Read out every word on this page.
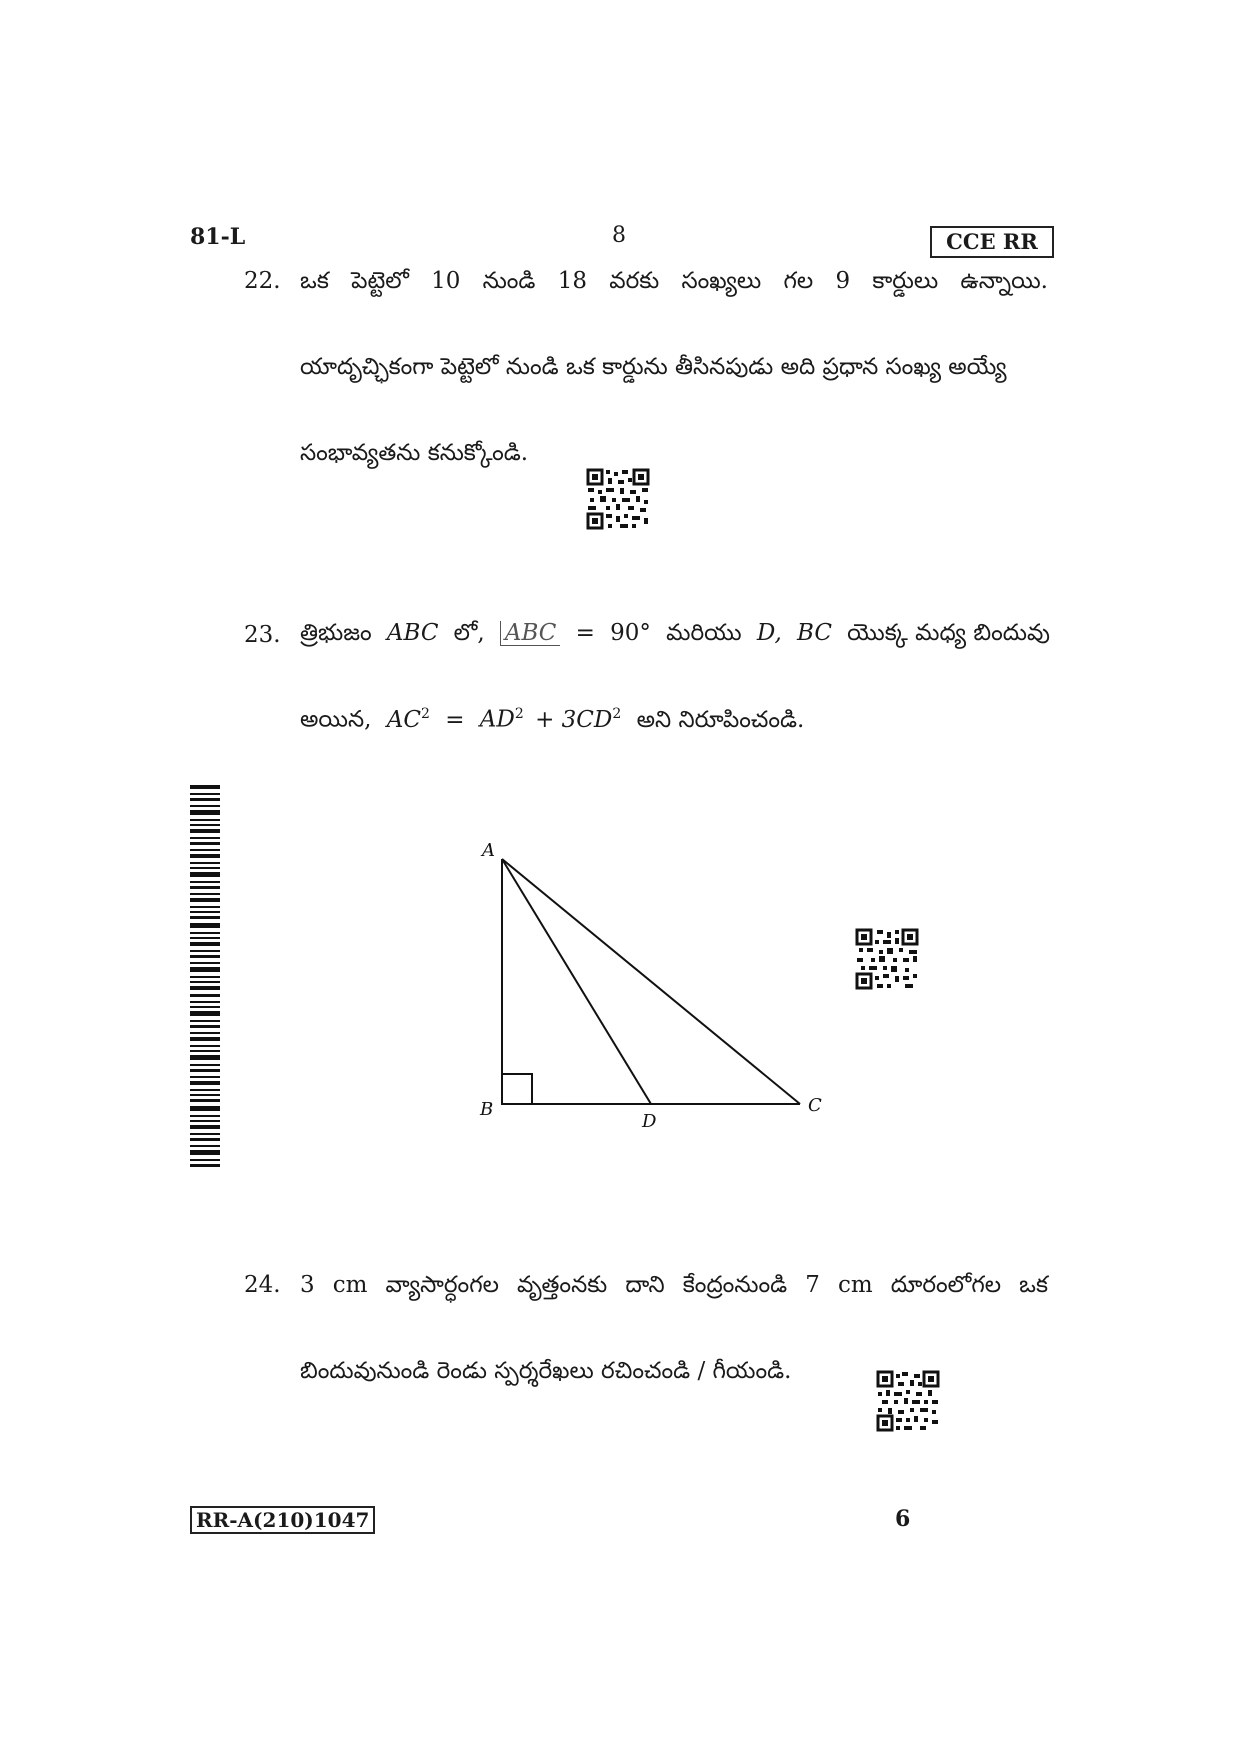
81-L	8	CCE RR
22. ఒక పెట్టెలో 10 నుండి 18 వరకు సంఖ్యలు గల 9 కార్డులు ఉన్నాయి.
యాదృచ్ఛికంగా పెట్టెలో నుండి ఒక కార్డును తీసినపుడు అది ప్రధాన సంఖ్య అయ్యే
సంభావ్యతను కనుక్కోండి.
23. త్రిభుజం ABC లో, ABC = 90° మరియు D, BC యొక్క మధ్య బిందువు
అయిన, $AC^2 = AD^2 + 3CD^2$ అని నిరూపించండి.
A
B	C
D
24. 3 cm వ్యాసార్ధంగల వృత్తంనకు దాని కేంద్రంనుండి 7 cm దూరంలోగల ఒక
బిందువునుండి రెండు స్పర్శరేఖలు రచించండి / గీయండి.
RR-A(210)1047	6
